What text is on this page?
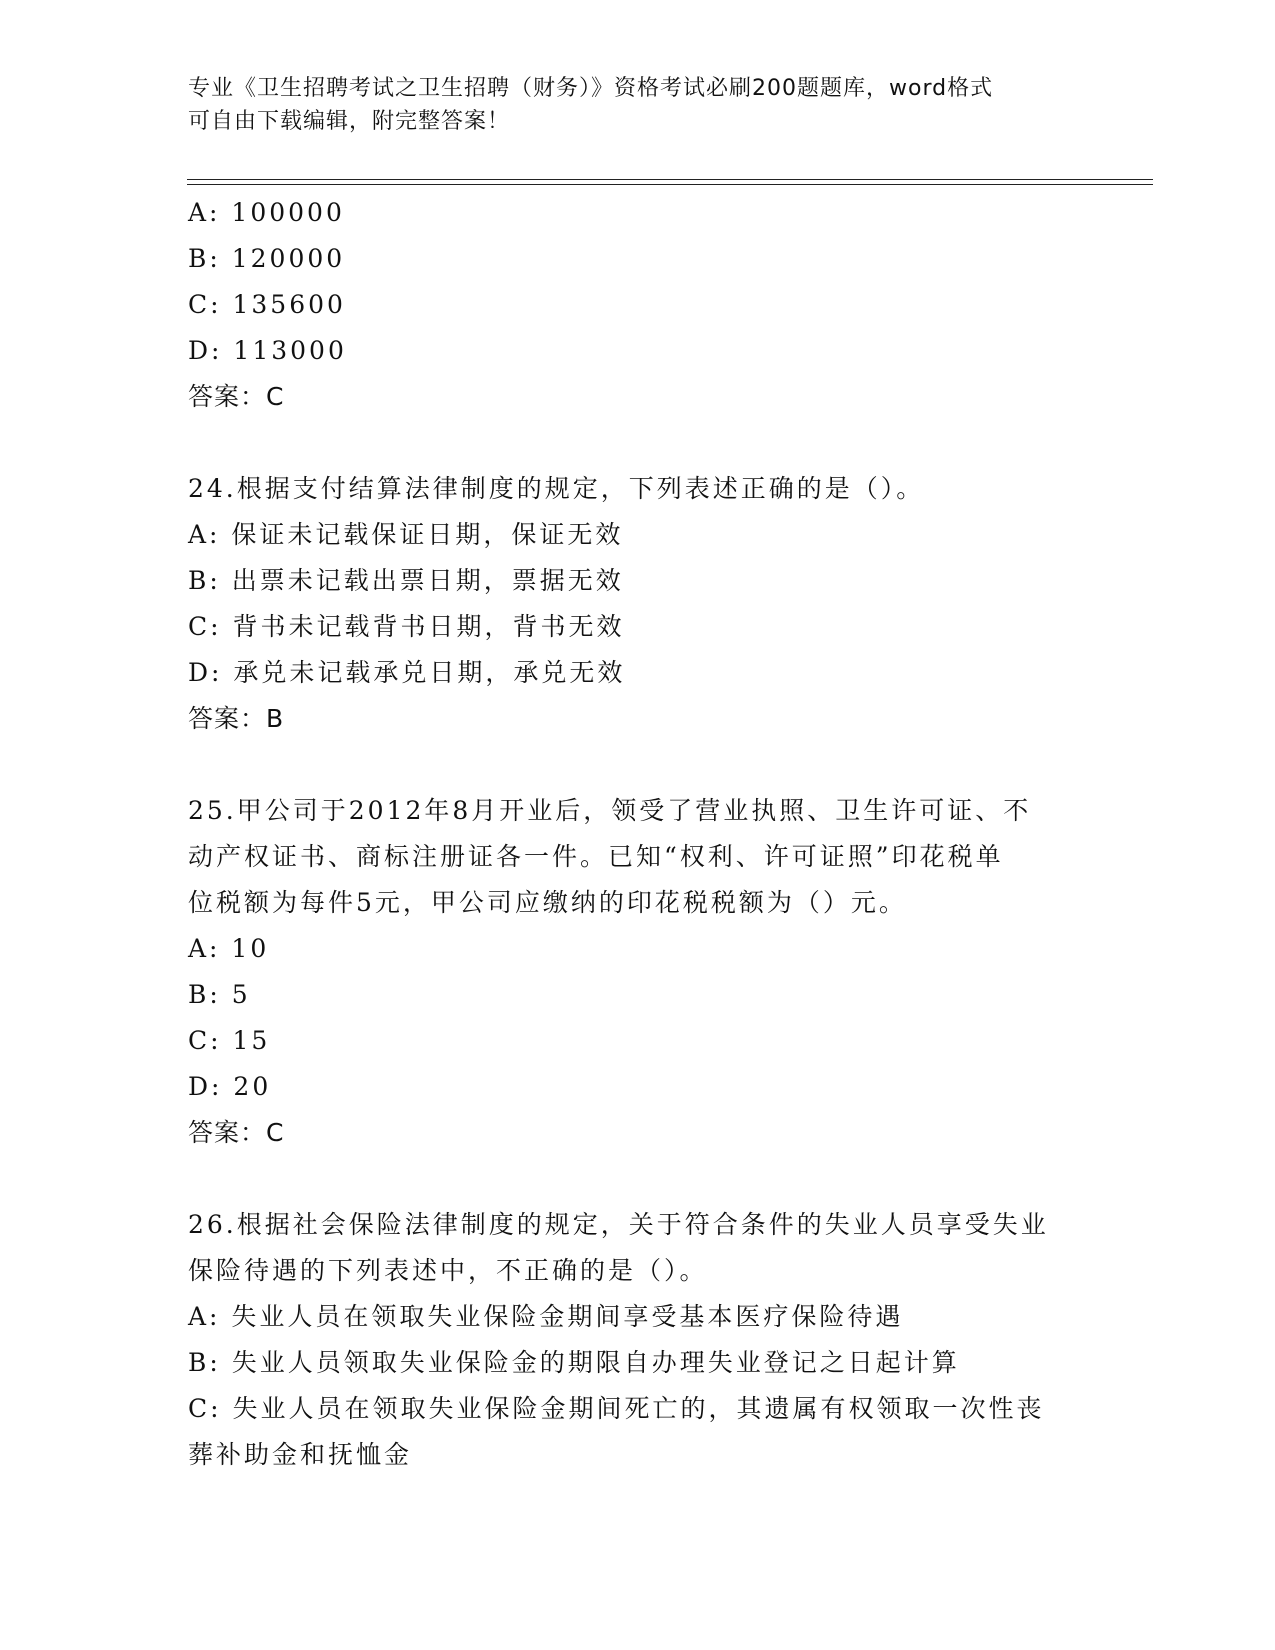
专业《卫生招聘考试之卫生招聘（财务）》资格考试必刷200题题库，word格式
可自由下载编辑，附完整答案！
A: 100000
B: 120000
C: 135600
D: 113000
答案：C
24.根据支付结算法律制度的规定，下列表述正确的是（）。
A: 保证未记载保证日期，保证无效
B: 出票未记载出票日期，票据无效
C: 背书未记载背书日期，背书无效
D: 承兑未记载承兑日期，承兑无效
答案：B
25.甲公司于2012年8月开业后，领受了营业执照、卫生许可证、不
动产权证书、商标注册证各一件。已知“权利、许可证照”印花税单
位税额为每件5元，甲公司应缴纳的印花税税额为（）元。
A: 10
B: 5
C: 15
D: 20
答案：C
26.根据社会保险法律制度的规定，关于符合条件的失业人员享受失业
保险待遇的下列表述中，不正确的是（）。
A: 失业人员在领取失业保险金期间享受基本医疗保险待遇
B: 失业人员领取失业保险金的期限自办理失业登记之日起计算
C: 失业人员在领取失业保险金期间死亡的，其遗属有权领取一次性丧
葬补助金和抚恤金
